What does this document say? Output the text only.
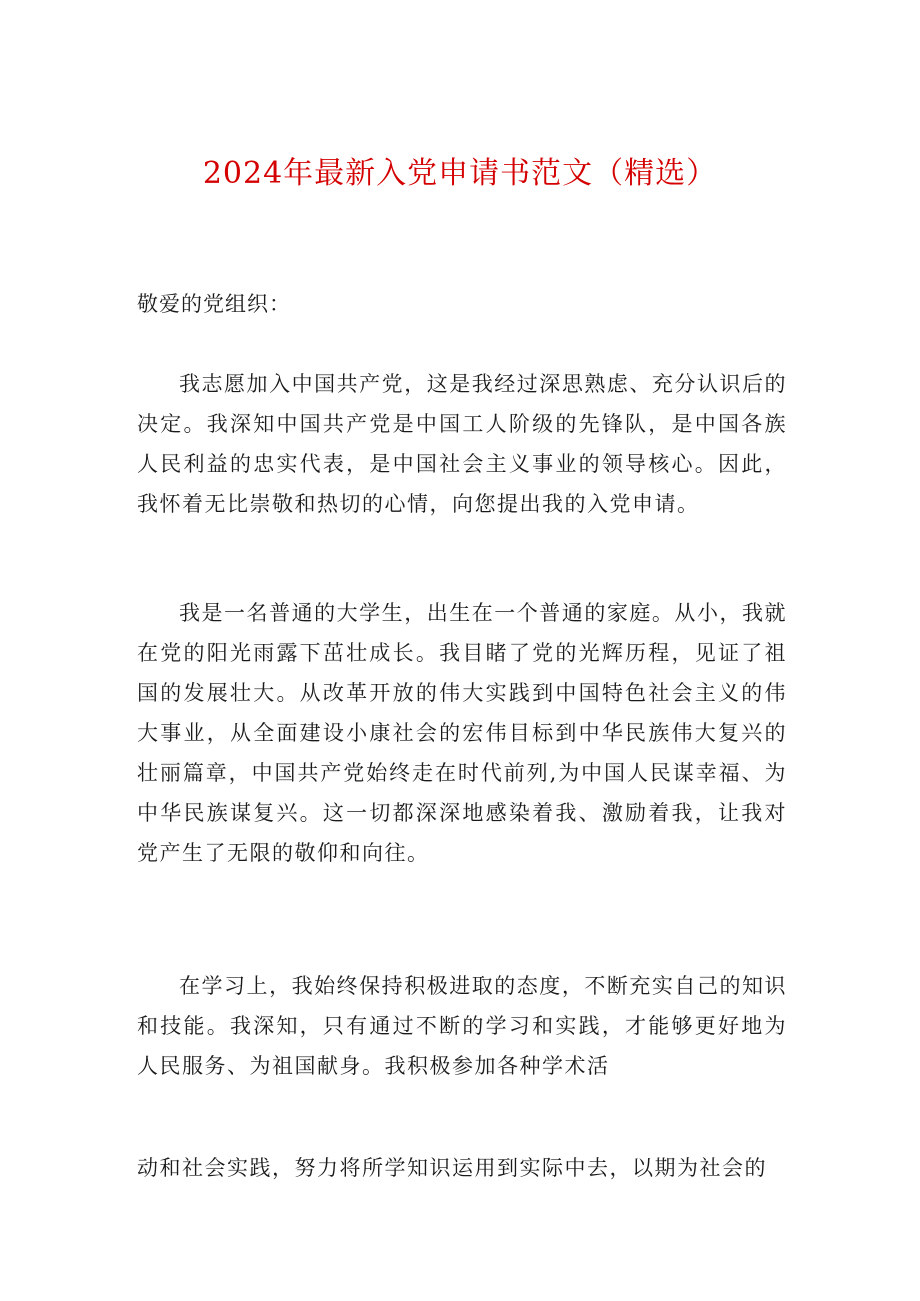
2024年最新入党申请书范文（精选）

敬爱的党组织：

我志愿加入中国共产党，这是我经过深思熟虑、充分认识后的决定。我深知中国共产党是中国工人阶级的先锋队，是中国各族人民利益的忠实代表，是中国社会主义事业的领导核心。因此，我怀着无比崇敬和热切的心情，向您提出我的入党申请。

我是一名普通的大学生，出生在一个普通的家庭。从小，我就在党的阳光雨露下茁壮成长。我目睹了党的光辉历程，见证了祖国的发展壮大。从改革开放的伟大实践到中国特色社会主义的伟大事业，从全面建设小康社会的宏伟目标到中华民族伟大复兴的壮丽篇章，中国共产党始终走在时代前列,为中国人民谋幸福、为中华民族谋复兴。这一切都深深地感染着我、激励着我，让我对党产生了无限的敬仰和向往。

在学习上，我始终保持积极进取的态度，不断充实自己的知识和技能。我深知，只有通过不断的学习和实践，才能够更好地为人民服务、为祖国献身。我积极参加各种学术活

动和社会实践，努力将所学知识运用到实际中去，以期为社会的
